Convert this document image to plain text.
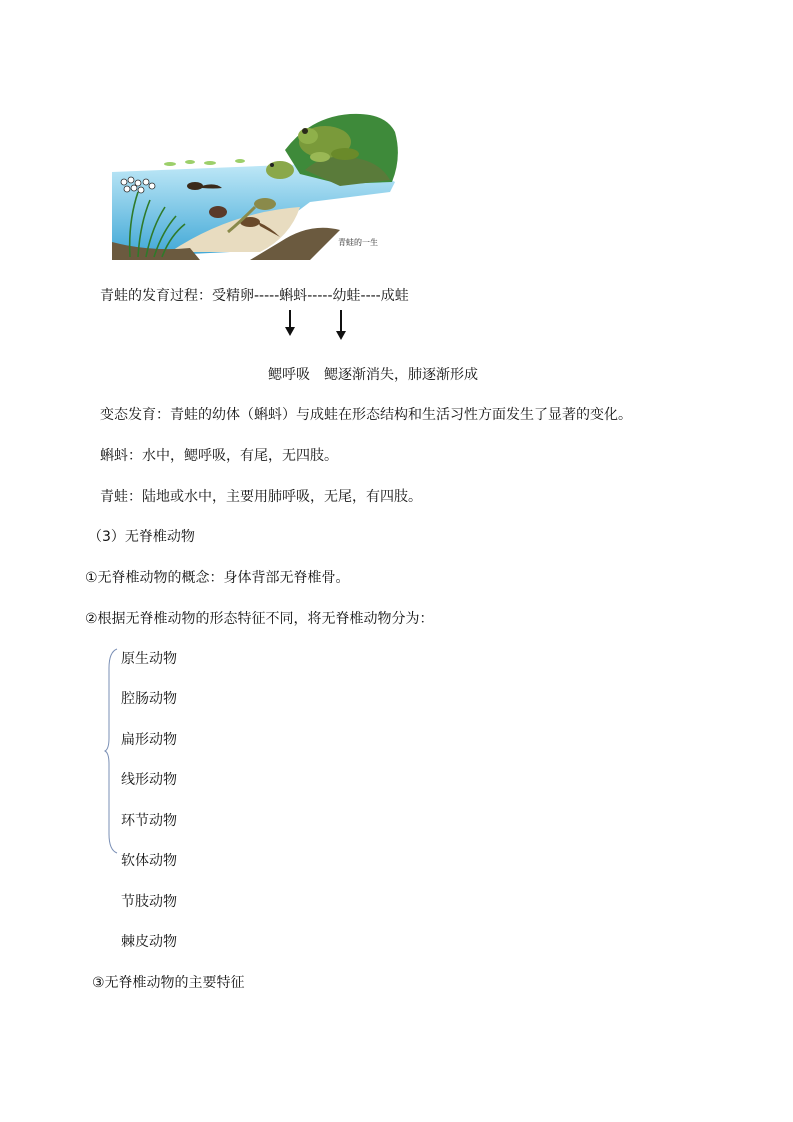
青蛙的一生
青蛙的发育过程：受精卵-----蝌蚪-----幼蛙----成蛙
鳃呼吸 鳃逐渐消失，肺逐渐形成
变态发育：青蛙的幼体（蝌蚪）与成蛙在形态结构和生活习性方面发生了显著的变化。
蝌蚪：水中，鳃呼吸，有尾，无四肢。
青蛙：陆地或水中，主要用肺呼吸，无尾，有四肢。
（3）无脊椎动物
①无脊椎动物的概念：身体背部无脊椎骨。
②根据无脊椎动物的形态特征不同，将无脊椎动物分为：
原生动物
腔肠动物
扁形动物
线形动物
环节动物
软体动物
节肢动物
棘皮动物
③无脊椎动物的主要特征
